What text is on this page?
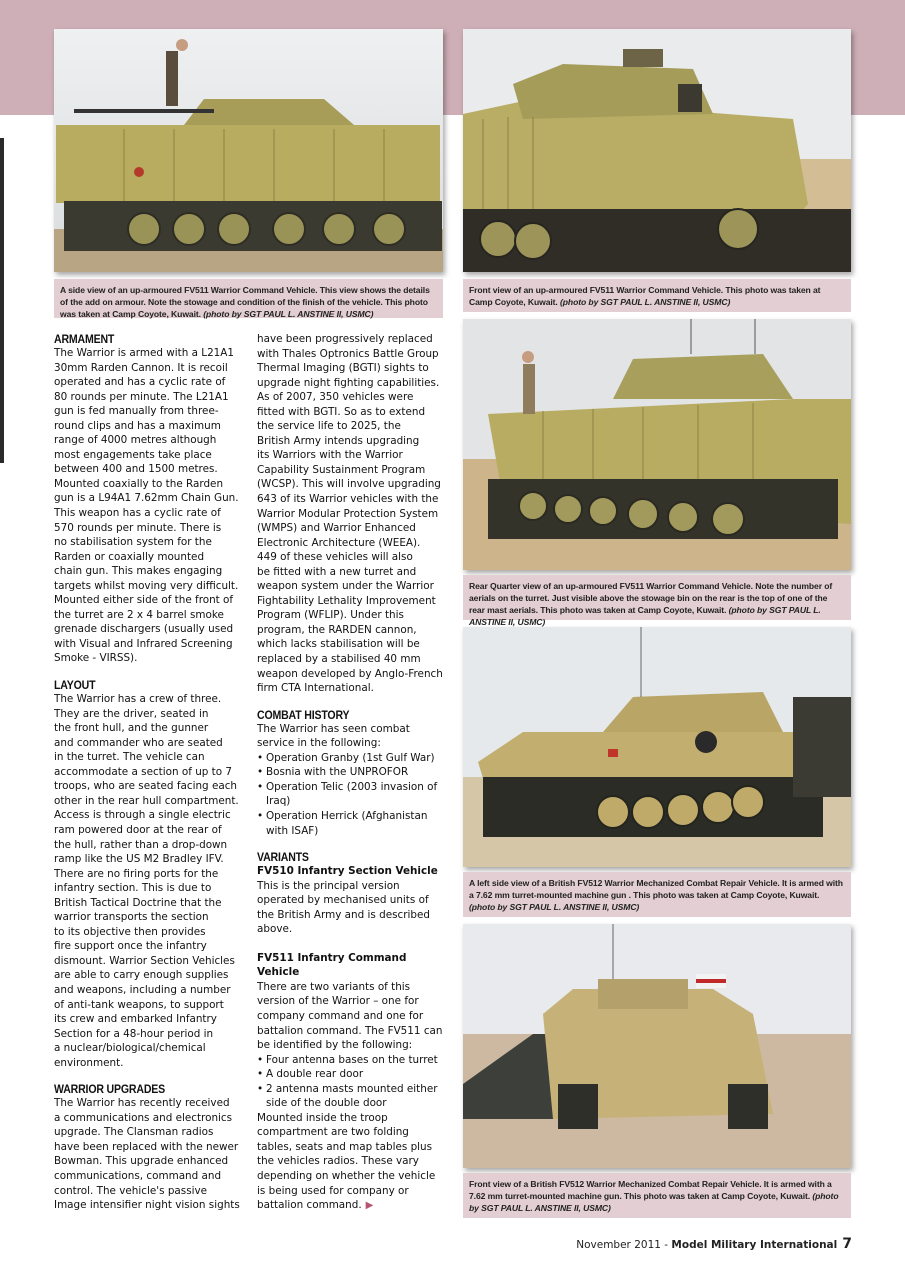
A side view of an up-armoured FV511 Warrior Command Vehicle. This view shows the details of the add on armour. Note the stowage and condition of the finish of the vehicle. This photo was taken at Camp Coyote, Kuwait. (photo by SGT PAUL L. ANSTINE II, USMC)
Front view of an up-armoured FV511 Warrior Command Vehicle. This photo was taken at Camp Coyote, Kuwait. (photo by SGT PAUL L. ANSTINE II, USMC)
Rear Quarter view of an up-armoured FV511 Warrior Command Vehicle. Note the number of aerials on the turret. Just visible above the stowage bin on the rear is the top of one of the rear mast aerials. This photo was taken at Camp Coyote, Kuwait. (photo by SGT PAUL L. ANSTINE II, USMC)
A left side view of a British FV512 Warrior Mechanized Combat Repair Vehicle. It is armed with a 7.62 mm turret-mounted machine gun . This photo was taken at Camp Coyote, Kuwait. (photo by SGT PAUL L. ANSTINE II, USMC)
Front view of a British FV512 Warrior Mechanized Combat Repair Vehicle. It is armed with a 7.62 mm turret-mounted machine gun. This photo was taken at Camp Coyote, Kuwait. (photo by SGT PAUL L. ANSTINE II, USMC)
ARMAMENT
The Warrior is armed with a L21A1
30mm Rarden Cannon. It is recoil
operated and has a cyclic rate of
80 rounds per minute. The L21A1
gun is fed manually from three-
round clips and has a maximum
range of 4000 metres although
most engagements take place
between 400 and 1500 metres.
Mounted coaxially to the Rarden
gun is a L94A1 7.62mm Chain Gun.
This weapon has a cyclic rate of
570 rounds per minute. There is
no stabilisation system for the
Rarden or coaxially mounted
chain gun. This makes engaging
targets whilst moving very difficult.
Mounted either side of the front of
the turret are 2 x 4 barrel smoke
grenade dischargers (usually used
with Visual and Infrared Screening
Smoke - VIRSS).
LAYOUT
The Warrior has a crew of three.
They are the driver, seated in
the front hull, and the gunner
and commander who are seated
in the turret. The vehicle can
accommodate a section of up to 7
troops, who are seated facing each
other in the rear hull compartment.
Access is through a single electric
ram powered door at the rear of
the hull, rather than a drop-down
ramp like the US M2 Bradley IFV.
There are no firing ports for the
infantry section. This is due to
British Tactical Doctrine that the
warrior transports the section
to its objective then provides
fire support once the infantry
dismount. Warrior Section Vehicles
are able to carry enough supplies
and weapons, including a number
of anti-tank weapons, to support
its crew and embarked Infantry
Section for a 48-hour period in
a nuclear/biological/chemical
environment.
WARRIOR UPGRADES
The Warrior has recently received
a communications and electronics
upgrade. The Clansman radios
have been replaced with the newer
Bowman. This upgrade enhanced
communications, command and
control. The vehicle's passive
Image intensifier night vision sights
have been progressively replaced
with Thales Optronics Battle Group
Thermal Imaging (BGTI) sights to
upgrade night fighting capabilities.
As of 2007, 350 vehicles were
fitted with BGTI. So as to extend
the service life to 2025, the
British Army intends upgrading
its Warriors with the Warrior
Capability Sustainment Program
(WCSP). This will involve upgrading
643 of its Warrior vehicles with the
Warrior Modular Protection System
(WMPS) and Warrior Enhanced
Electronic Architecture (WEEA).
449 of these vehicles will also
be fitted with a new turret and
weapon system under the Warrior
Fightability Lethality Improvement
Program (WFLIP). Under this
program, the RARDEN cannon,
which lacks stabilisation will be
replaced by a stabilised 40 mm
weapon developed by Anglo-French
firm CTA International.
COMBAT HISTORY
The Warrior has seen combat
service in the following:
• Operation Granby (1st Gulf War)
• Bosnia with the UNPROFOR
• Operation Telic (2003 invasion of
Iraq)
• Operation Herrick (Afghanistan
with ISAF)
VARIANTS
FV510 Infantry Section Vehicle
This is the principal version
operated by mechanised units of
the British Army and is described
above.
FV511 Infantry Command Vehicle
There are two variants of this
version of the Warrior – one for
company command and one for
battalion command. The FV511 can
be identified by the following:
• Four antenna bases on the turret
• A double rear door
• 2 antenna masts mounted either
side of the double door
Mounted inside the troop
compartment are two folding
tables, seats and map tables plus
the vehicles radios. These vary
depending on whether the vehicle
is being used for company or
battalion command. ▶
November 2011 - Model Military International 7
